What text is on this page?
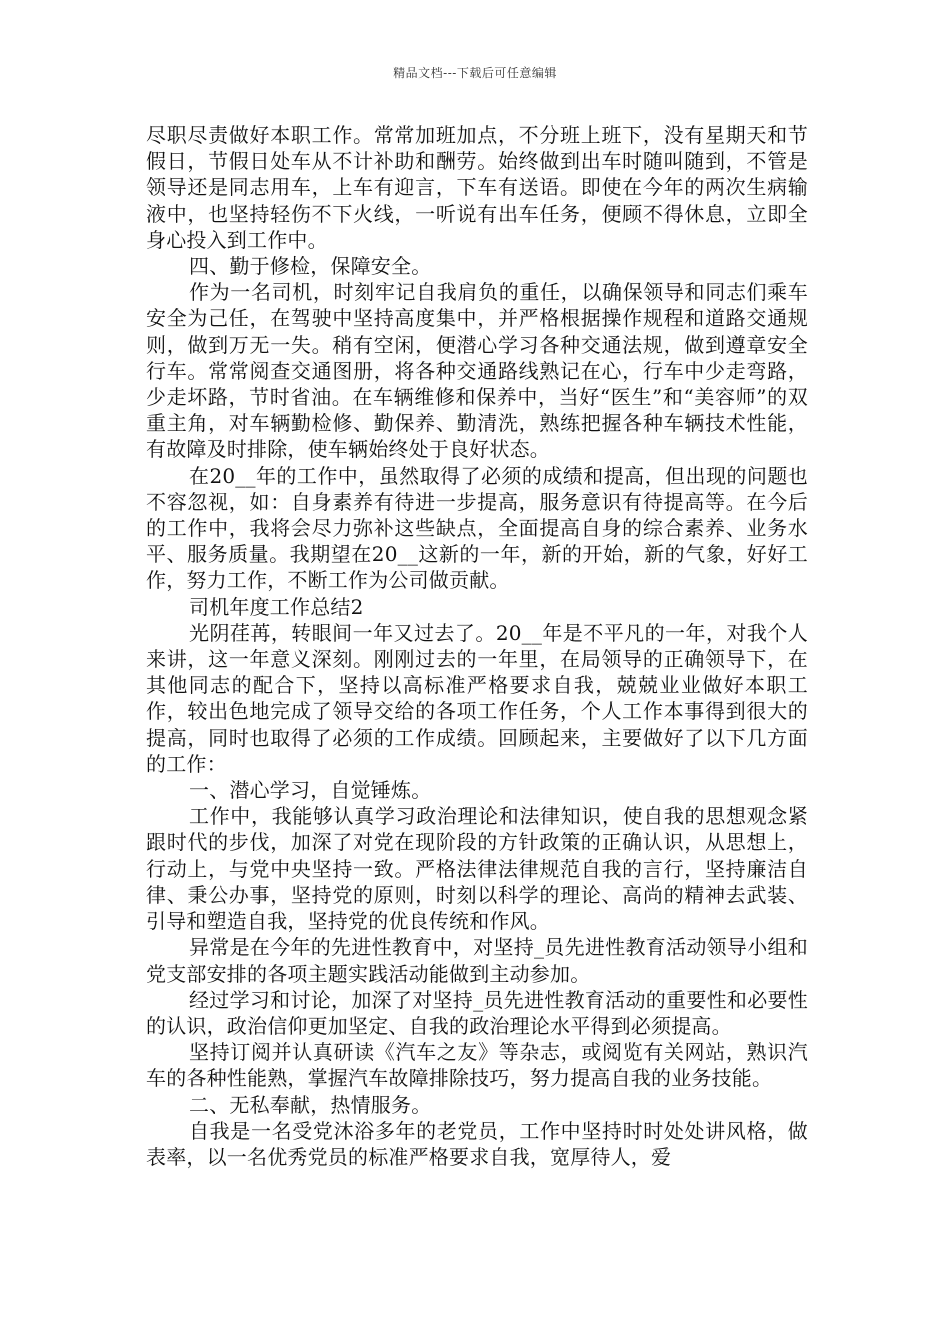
精品文档---下载后可任意编辑

尽职尽责做好本职工作。常常加班加点，不分班上班下，没有星期天和节假日，节假日处车从不计补助和酬劳。始终做到出车时随叫随到，不管是领导还是同志用车，上车有迎言，下车有送语。即使在今年的两次生病输液中，也坚持轻伤不下火线，一听说有出车任务，便顾不得休息，立即全身心投入到工作中。

四、勤于修检，保障安全。

作为一名司机，时刻牢记自我肩负的重任，以确保领导和同志们乘车安全为己任，在驾驶中坚持高度集中，并严格根据操作规程和道路交通规则，做到万无一失。稍有空闲，便潜心学习各种交通法规，做到遵章安全行车。常常阅查交通图册，将各种交通路线熟记在心，行车中少走弯路，少走坏路，节时省油。在车辆维修和保养中，当好“医生”和“美容师”的双重主角，对车辆勤检修、勤保养、勤清洗，熟练把握各种车辆技术性能，有故障及时排除，使车辆始终处于良好状态。

在20__年的工作中，虽然取得了必须的成绩和提高，但出现的问题也不容忽视，如：自身素养有待进一步提高，服务意识有待提高等。在今后的工作中，我将会尽力弥补这些缺点，全面提高自身的综合素养、业务水平、服务质量。我期望在20__这新的一年，新的开始，新的气象，好好工作，努力工作，不断工作为公司做贡献。

司机年度工作总结2

光阴荏苒，转眼间一年又过去了。20__年是不平凡的一年，对我个人来讲，这一年意义深刻。刚刚过去的一年里，在局领导的正确领导下，在其他同志的配合下，坚持以高标准严格要求自我，兢兢业业做好本职工作，较出色地完成了领导交给的各项工作任务，个人工作本事得到很大的提高，同时也取得了必须的工作成绩。回顾起来，主要做好了以下几方面的工作：

一、潜心学习，自觉锤炼。

工作中，我能够认真学习政治理论和法律知识，使自我的思想观念紧跟时代的步伐，加深了对党在现阶段的方针政策的正确认识，从思想上，行动上，与党中央坚持一致。严格法律法律规范自我的言行，坚持廉洁自律、秉公办事，坚持党的原则，时刻以科学的理论、高尚的精神去武装、引导和塑造自我，坚持党的优良传统和作风。

异常是在今年的先进性教育中，对坚持_员先进性教育活动领导小组和党支部安排的各项主题实践活动能做到主动参加。

经过学习和讨论，加深了对坚持_员先进性教育活动的重要性和必要性的认识，政治信仰更加坚定、自我的政治理论水平得到必须提高。

坚持订阅并认真研读《汽车之友》等杂志，或阅览有关网站，熟识汽车的各种性能熟，掌握汽车故障排除技巧，努力提高自我的业务技能。

二、无私奉献，热情服务。

自我是一名受党沐浴多年的老党员，工作中坚持时时处处讲风格，做表率，以一名优秀党员的标准严格要求自我，宽厚待人，爱
